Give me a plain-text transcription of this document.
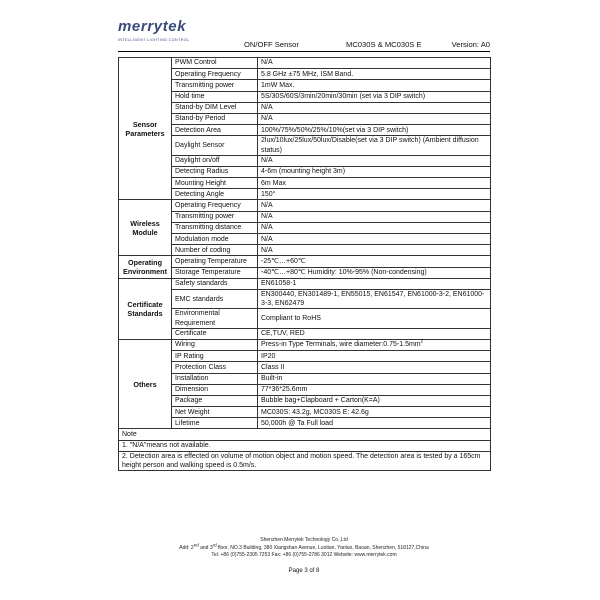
merrytek
INTELLIGENT LIGHTING CONTROL	ON/OFF Sensor	MC030S & MC030S E	Version: A0
Sensor Parameters	PWM Control	N/A
	Operating Frequency	5.8 GHz ±75 MHz, ISM Band.
	Transmitting power	1mW Max.
	Hold time	5S/30S/60S/3min/20min/30min (set via 3 DIP switch)
	Stand-by DIM Level	N/A
	Stand-by Period	N/A
	Detection Area	100%/75%/50%/25%/10%(set via 3 DIP switch)
	Daylight Sensor	2lux/10lux/25lux/50lux/Disable(set via 3 DIP switch) (Ambient diffusion status)
	Daylight on/off	N/A
	Detecting Radius	4-6m (mounting height 3m)
	Mounting Height	6m Max
	Detecting Angle	150°
Wireless Module	Operating Frequency	N/A
	Transmitting power	N/A
	Transmitting distance	N/A
	Modulation mode	N/A
	Number of coding	N/A
Operating Environment	Operating Temperature	-25℃…+60℃
	Storage Temperature	-40℃…+80℃ Humidity: 10%-95% (Non-condensing)
Certificate Standards	Safety standards	EN61058-1
	EMC standards	EN300440, EN301489-1, EN55015, EN61547, EN61000-3-2, EN61000-3-3, EN62479
	Environmental Requirement	Compliant to RoHS
	Certificate	CE,TUV, RED
Others	Wiring	Press-in Type Terminals, wire $diameter:0.75-1.5mm^2$
	IP Rating	IP20
	Protection Class	Class II
	Installation	Built-in
	Dimension	77*36*25.6mm
	Package	Bubble bag+Clapboard + Carton(K=A)
	Net Weight	MC030S: 43.2g, MC030S E: 42.6g
	Lifetime	50,000h @ Ta Full load
Note		
1. "N/A"means not available.		
2. Detection area is effected on volume of motion object and motion speed. The detection area is tested by a 165cm height person and walking speed is 0.5m/s.		
Shenzhen Merrytek Technology Co.,Ltd
Add: 2nd and 3rd floor, NO.3 Building, 380 Xiangshan Avenue, Luotian, Yanluo, Baoan, Shenzhen, 518127,China
Tel: +86 (0)755-2305 7253 Fax: +86 (0)755-2786 3012 Website: www.merrytek.com
Page 3 of 8
